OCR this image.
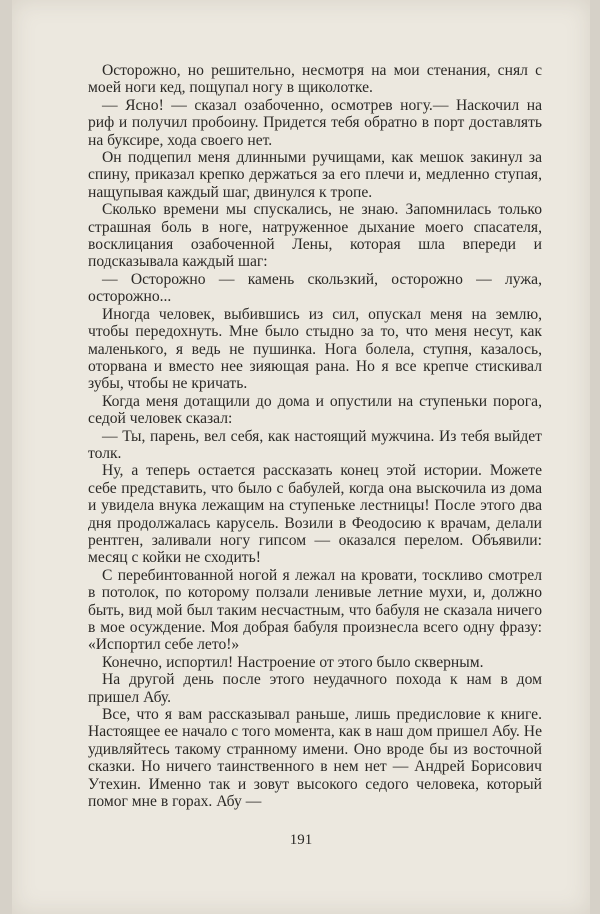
Осторожно, но решительно, несмотря на мои стенания, снял с моей ноги кед, пощупал ногу в щиколотке.

— Ясно! — сказал озабоченно, осмотрев ногу.— Наскочил на риф и получил пробоину. Придется тебя обратно в порт доставлять на буксире, хода своего нет.

Он подцепил меня длинными ручищами, как мешок закинул за спину, приказал крепко держаться за его плечи и, медленно ступая, нащупывая каждый шаг, двинулся к тропе.

Сколько времени мы спускались, не знаю. Запомнилась только страшная боль в ноге, натруженное дыхание моего спасателя, восклицания озабоченной Лены, которая шла впереди и подсказывала каждый шаг:

— Осторожно — камень скользкий, осторожно — лужа, осторожно...

Иногда человек, выбившись из сил, опускал меня на землю, чтобы передохнуть. Мне было стыдно за то, что меня несут, как маленького, я ведь не пушинка. Нога болела, ступня, казалось, оторвана и вместо нее зияющая рана. Но я все крепче стискивал зубы, чтобы не кричать.

Когда меня дотащили до дома и опустили на ступеньки порога, седой человек сказал:

— Ты, парень, вел себя, как настоящий мужчина. Из тебя выйдет толк.

Ну, а теперь остается рассказать конец этой истории. Можете себе представить, что было с бабулей, когда она выскочила из дома и увидела внука лежащим на ступеньке лестницы! После этого два дня продолжалась карусель. Возили в Феодосию к врачам, делали рентген, заливали ногу гипсом — оказался перелом. Объявили: месяц с койки не сходить!

С перебинтованной ногой я лежал на кровати, тоскливо смотрел в потолок, по которому ползали ленивые летние мухи, и, должно быть, вид мой был таким несчастным, что бабуля не сказала ничего в мое осуждение. Моя добрая бабуля произнесла всего одну фразу: «Испортил себе лето!»

Конечно, испортил! Настроение от этого было скверным.

На другой день после этого неудачного похода к нам в дом пришел Абу.

Все, что я вам рассказывал раньше, лишь предисловие к книге. Настоящее ее начало с того момента, как в наш дом пришел Абу. Не удивляйтесь такому странному имени. Оно вроде бы из восточной сказки. Но ничего таинственного в нем нет — Андрей Борисович Утехин. Именно так и зовут высокого седого человека, который помог мне в горах. Абу —

191
